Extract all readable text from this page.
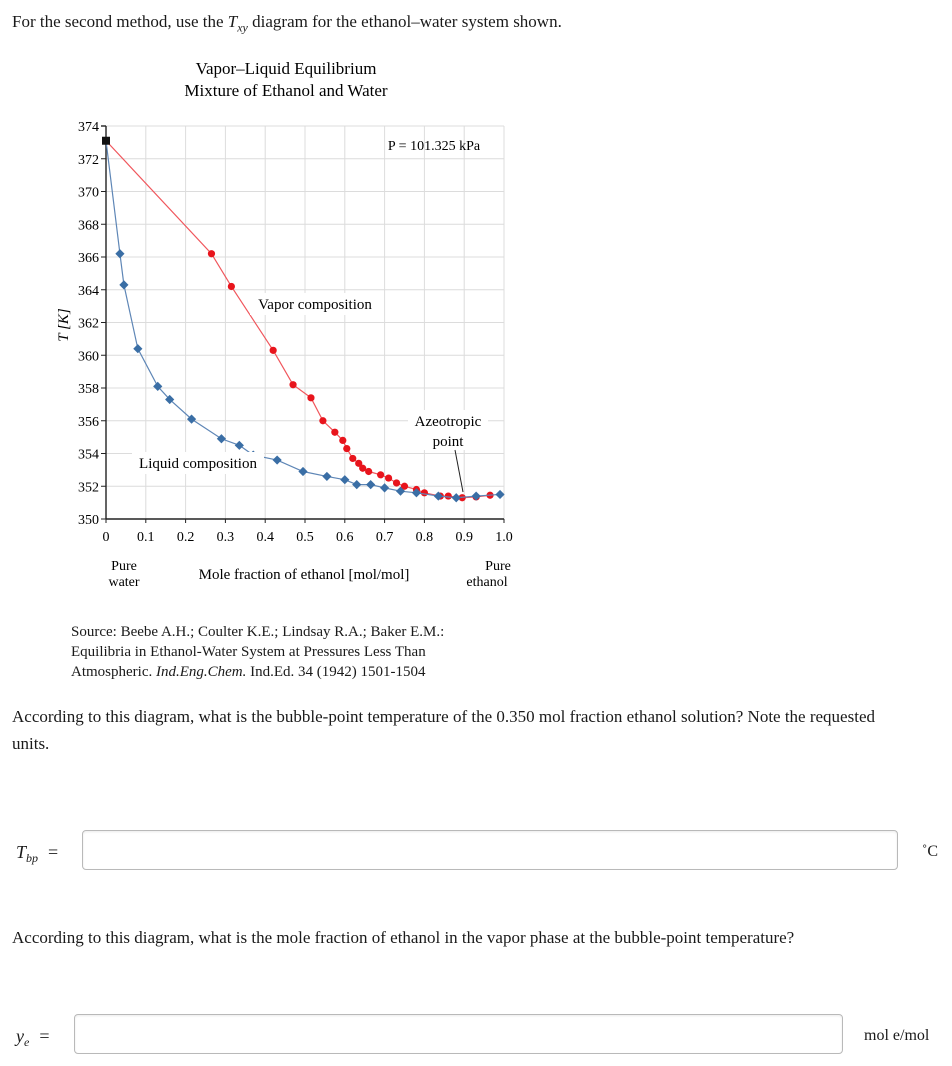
For the second method, use the $T_{xy}$ diagram for the ethanol–water system shown.
350
352
354
356
358
360
362
364
366
368
370
372
374
0 0.1 0.2 0.3 0.4 0.5 0.6 0.7 0.8 0.9 1.0
Vapor–Liquid Equilibrium
Mixture of Ethanol and Water
T [K]
Mole fraction of ethanol [mol/mol]
Pure
water
Pure
ethanol
P = 101.325 kPa
Vapor composition
Liquid composition
Azeotropic
point
Source: Beebe A.H.; Coulter K.E.; Lindsay R.A.; Baker E.M.:
Equilibria in Ethanol-Water System at Pressures Less Than
Atmospheric. Ind.Eng.Chem. Ind.Ed. 34 (1942) 1501-1504
According to this diagram, what is the bubble-point temperature of the 0.350 mol fraction ethanol solution? Note the requested units.
$T_{bp}$ =	˚C
According to this diagram, what is the mole fraction of ethanol in the vapor phase at the bubble-point temperature?
$y_e$ =	mol e/mol
